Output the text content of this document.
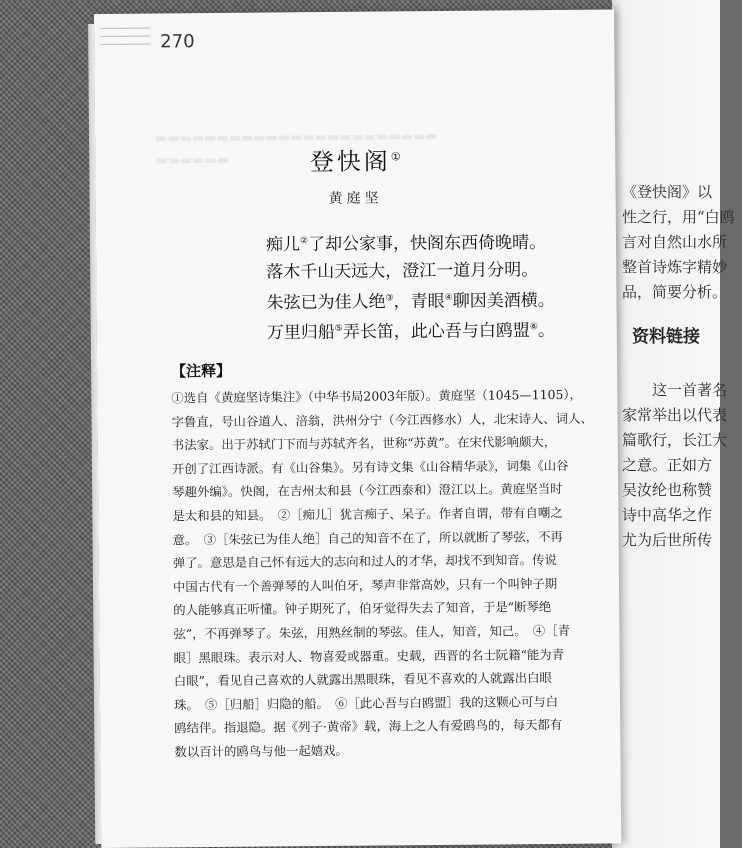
《登快阁》以
性之行，用“白鸥
言对自然山水所
整首诗炼字精妙
品，简要分析。
资料链接
　　这一首著名
家常举出以代表
篇歌行，长江大
之意。正如方
吴汝纶也称赞
诗中高华之作
尤为后世所传
270
▬▬▬▬▬▬▬▬▬▬▬▬▬▬▬▬▬▬▬▬▬▬▬
▬▬▬▬▬▬	登快阁①
黄庭坚
痴儿②了却公家事，快阁东西倚晚晴。
落木千山天远大，澄江一道月分明。
朱弦已为佳人绝③，青眼④聊因美酒横。
万里归船⑤弄长笛，此心吾与白鸥盟⑥。
【注释】
①选自《黄庭坚诗集注》（中华书局2003年版）。黄庭坚（1045—1105），
字鲁直，号山谷道人、涪翁，洪州分宁（今江西修水）人，北宋诗人、词人、
书法家。出于苏轼门下而与苏轼齐名，世称“苏黄”。在宋代影响颇大，
开创了江西诗派。有《山谷集》。另有诗文集《山谷精华录》，词集《山谷
琴趣外编》。快阁，在吉州太和县（今江西泰和）澄江以上。黄庭坚当时
是太和县的知县。　②［痴儿］犹言痴子、呆子。作者自谓，带有自嘲之
意。　③［朱弦已为佳人绝］自己的知音不在了，所以就断了琴弦，不再
弹了。意思是自己怀有远大的志向和过人的才华，却找不到知音。传说
中国古代有一个善弹琴的人叫伯牙，琴声非常高妙，只有一个叫钟子期
的人能够真正听懂。钟子期死了，伯牙觉得失去了知音，于是“断琴绝
弦”，不再弹琴了。朱弦，用熟丝制的琴弦。佳人，知音，知己。　④［青
眼］黑眼珠。表示对人、物喜爱或器重。史载，西晋的名士阮籍“能为青
白眼”，看见自己喜欢的人就露出黑眼珠，看见不喜欢的人就露出白眼
珠。　⑤［归船］归隐的船。　⑥［此心吾与白鸥盟］我的这颗心可与白
鸥结伴。指退隐。据《列子·黄帝》载，海上之人有爱鸥鸟的，每天都有
数以百计的鸥鸟与他一起嬉戏。
